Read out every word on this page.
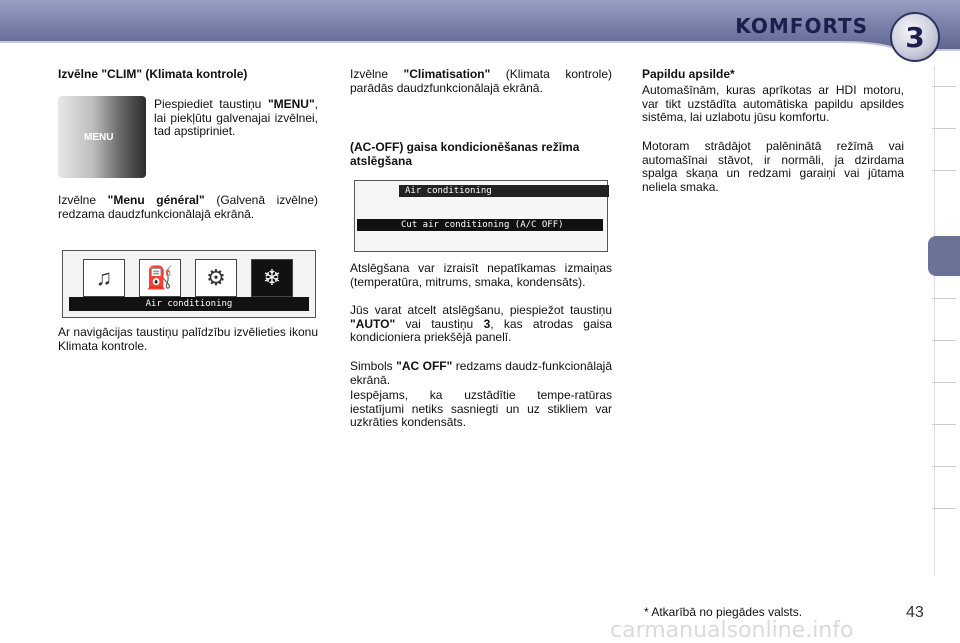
KOMFORTS	3
Izvēlne "CLIM" (Klimata kontrole)
MENU
Piespiediet taustiņu "MENU", lai piekļūtu galvenajai izvēlnei, tad apstipriniet.
Izvēlne "Menu général" (Galvenā izvēlne) redzama daudzfunkcionālajā ekrānā.
♫	⛽	⚙	❄
Air conditioning
Ar navigācijas taustiņu palīdzību izvēlieties ikonu Klimata kontrole.
Izvēlne "Climatisation" (Klimata kontrole) parādās daudzfunkcionālajā ekrānā.
(AC-OFF) gaisa kondicionēšanas režīma atslēgšana
Air conditioning
Cut air conditioning (A/C OFF)
Atslēgšana var izraisīt nepatīkamas izmaiņas (temperatūra, mitrums, smaka, kondensāts).
Jūs varat atcelt atslēgšanu, piespiežot taustiņu "AUTO" vai taustiņu 3, kas atrodas gaisa kondicioniera priekšējā panelī.
Simbols "AC OFF" redzams daudz-funkcionālajā ekrānā.
Iespējams, ka uzstādītie tempe-ratūras iestatījumi netiks sasniegti un uz stikliem var uzkrāties kondensāts.
Papildu apsilde*
Automašīnām, kuras aprīkotas ar HDI motoru, var tikt uzstādīta automātiska papildu apsildes sistēma, lai uzlabotu jūsu komfortu.
Motoram strādājot palēninātā režīmā vai automašīnai stāvot, ir normāli, ja dzirdama spalga skaņa un redzami garaiņi vai jūtama neliela smaka.
* Atkarībā no piegādes valsts.	43
carmanualsonline.info
